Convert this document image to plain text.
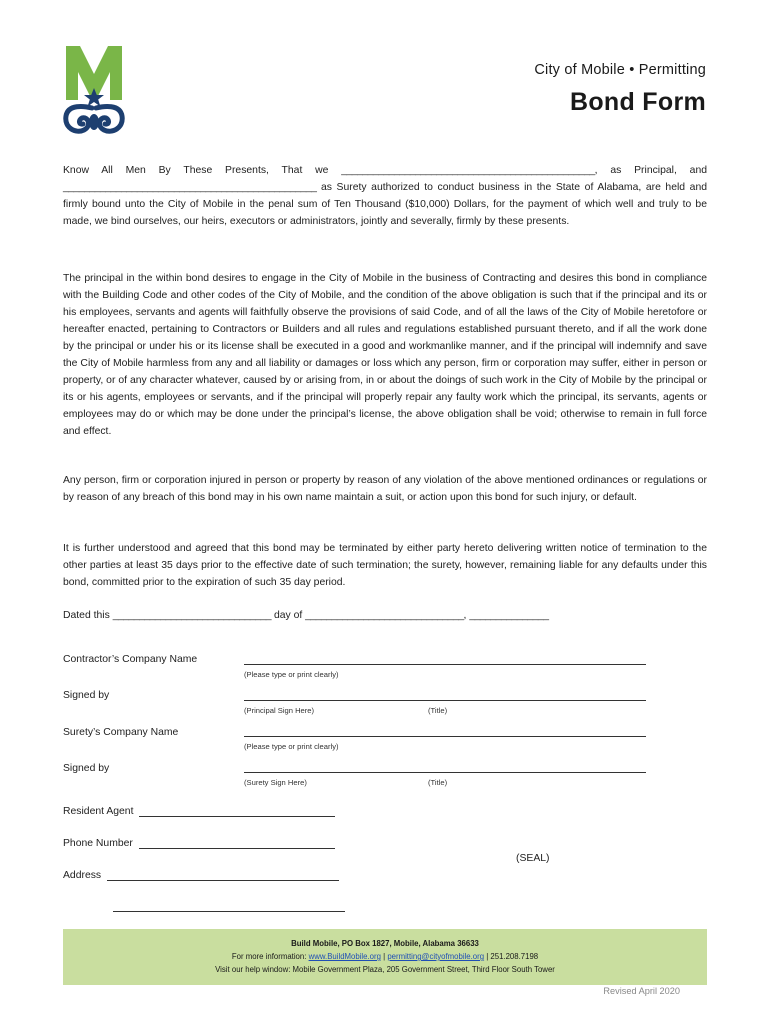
City of Mobile • Permitting
Bond Form
Know All Men By These Presents, That we ________________________________________________, as Principal, and ________________________________________________ as Surety authorized to conduct business in the State of Alabama, are held and firmly bound unto the City of Mobile in the penal sum of Ten Thousand ($10,000) Dollars, for the payment of which well and truly to be made, we bind ourselves, our heirs, executors or administrators, jointly and severally, firmly by these presents.
The principal in the within bond desires to engage in the City of Mobile in the business of Contracting and desires this bond in compliance with the Building Code and other codes of the City of Mobile, and the condition of the above obligation is such that if the principal and its or his employees, servants and agents will faithfully observe the provisions of said Code, and of all the laws of the City of Mobile heretofore or hereafter enacted, pertaining to Contractors or Builders and all rules and regulations established pursuant thereto, and if all the work done by the principal or under his or its license shall be executed in a good and workmanlike manner, and if the principal will indemnify and save the City of Mobile harmless from any and all liability or damages or loss which any person, firm or corporation may suffer, either in person or property, or of any character whatever, caused by or arising from, in or about the doings of such work in the City of Mobile by the principal or its or his agents, employees or servants, and if the principal will properly repair any faulty work which the principal, its servants, agents or employees may do or which may be done under the principal’s license, the above obligation shall be void; otherwise to remain in full force and effect.
Any person, firm or corporation injured in person or property by reason of any violation of the above mentioned ordinances or regulations or by reason of any breach of this bond may in his own name maintain a suit, or action upon this bond for such injury, or default.
It is further understood and agreed that this bond may be terminated by either party hereto delivering written notice of termination to the other parties at least 35 days prior to the effective date of such termination; the surety, however, remaining liable for any defaults under this bond, committed prior to the expiration of such 35 day period.
Dated this ______________________________ day of ______________________________, _______________
Contractor’s Company Name
(Please type or print clearly)
Signed by
(Principal Sign Here)	(Title)
Surety’s Company Name
(Please type or print clearly)
Signed by
(Surety Sign Here)	(Title)
Resident Agent
Phone Number
Address
(SEAL)
Build Mobile, PO Box 1827, Mobile, Alabama 36633
For more information: www.BuildMobile.org | permitting@cityofmobile.org | 251.208.7198
Visit our help window: Mobile Government Plaza, 205 Government Street, Third Floor South Tower
Revised April 2020
